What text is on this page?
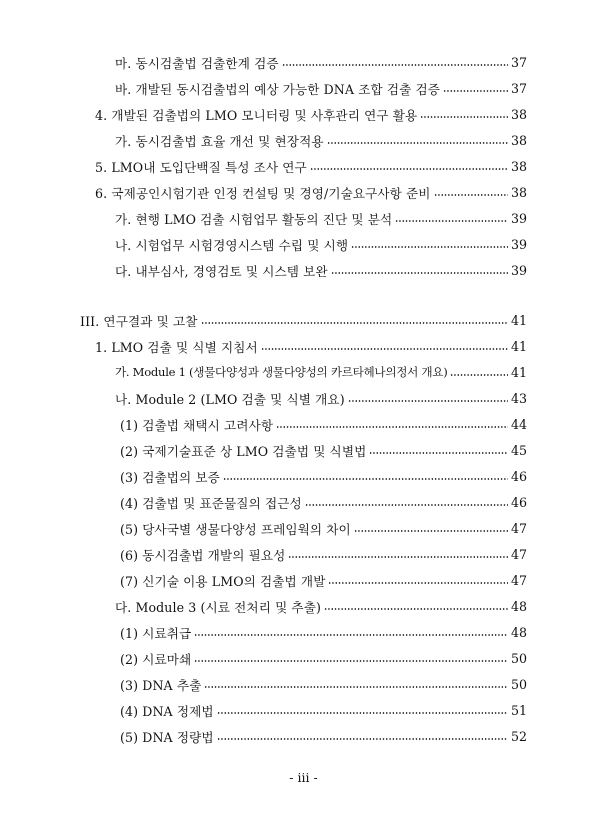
마. 동시검출법 검출한계 검증	37
바. 개발된 동시검출법의 예상 가능한 DNA 조합 검출 검증	37
4. 개발된 검출법의 LMO 모니터링 및 사후관리 연구 활용	38
가. 동시검출법 효율 개선 및 현장적용	38
5. LMO내 도입단백질 특성 조사 연구	38
6. 국제공인시험기관 인정 컨설팅 및 경영/기술요구사항 준비	38
가. 현행 LMO 검출 시험업무 활동의 진단 및 분석	39
나. 시험업무 시험경영시스템 수립 및 시행	39
다. 내부심사, 경영검토 및 시스템 보완	39
III. 연구결과 및 고찰	41
1. LMO 검출 및 식별 지침서	41
가. Module 1 (생물다양성과 생물다양성의 카르타헤나의정서 개요)	41
나. Module 2 (LMO 검출 및 식별 개요)	43
(1) 검출법 채택시 고려사항	44
(2) 국제기술표준 상 LMO 검출법 및 식별법	45
(3) 검출법의 보증	46
(4) 검출법 및 표준물질의 접근성	46
(5) 당사국별 생물다양성 프레임웍의 차이	47
(6) 동시검출법 개발의 필요성	47
(7) 신기술 이용 LMO의 검출법 개발	47
다. Module 3 (시료 전처리 및 추출)	48
(1) 시료취급	48
(2) 시료마쇄	50
(3) DNA 추출	50
(4) DNA 정제법	51
(5) DNA 정량법	52
- iii -
